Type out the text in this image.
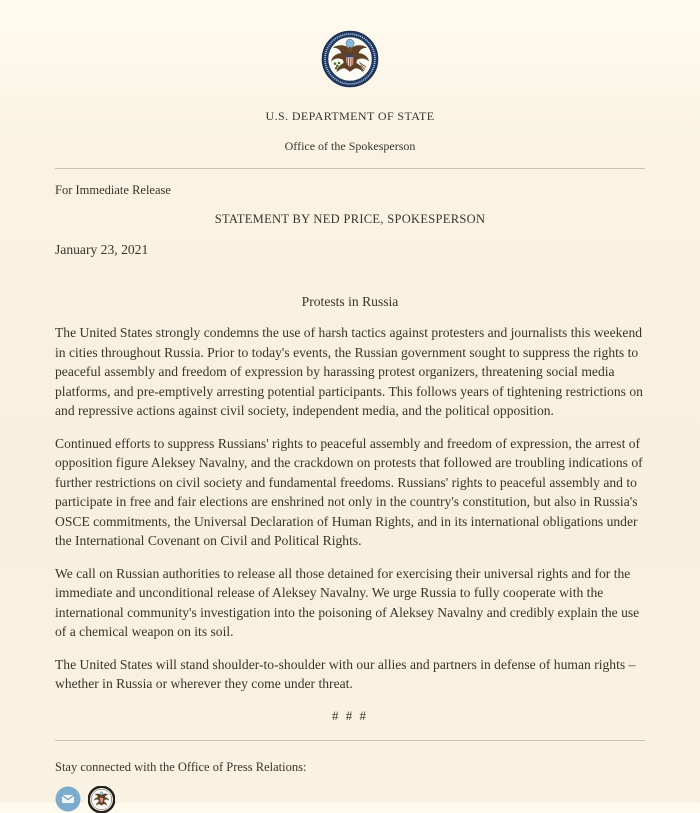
U.S. DEPARTMENT OF STATE
Office of the Spokesperson
For Immediate Release
STATEMENT BY NED PRICE, SPOKESPERSON
January 23, 2021
Protests in Russia

The United States strongly condemns the use of harsh tactics against protesters and journalists this weekend in cities throughout Russia. Prior to today's events, the Russian government sought to suppress the rights to peaceful assembly and freedom of expression by harassing protest organizers, threatening social media platforms, and pre-emptively arresting potential participants. This follows years of tightening restrictions on and repressive actions against civil society, independent media, and the political opposition.

Continued efforts to suppress Russians' rights to peaceful assembly and freedom of expression, the arrest of opposition figure Aleksey Navalny, and the crackdown on protests that followed are troubling indications of further restrictions on civil society and fundamental freedoms. Russians' rights to peaceful assembly and to participate in free and fair elections are enshrined not only in the country's constitution, but also in Russia's OSCE commitments, the Universal Declaration of Human Rights, and in its international obligations under the International Covenant on Civil and Political Rights.

We call on Russian authorities to release all those detained for exercising their universal rights and for the immediate and unconditional release of Aleksey Navalny. We urge Russia to fully cooperate with the international community's investigation into the poisoning of Aleksey Navalny and credibly explain the use of a chemical weapon on its soil.

The United States will stand shoulder-to-shoulder with our allies and partners in defense of human rights – whether in Russia or wherever they come under threat.

# # #
Stay connected with the Office of Press Relations:
